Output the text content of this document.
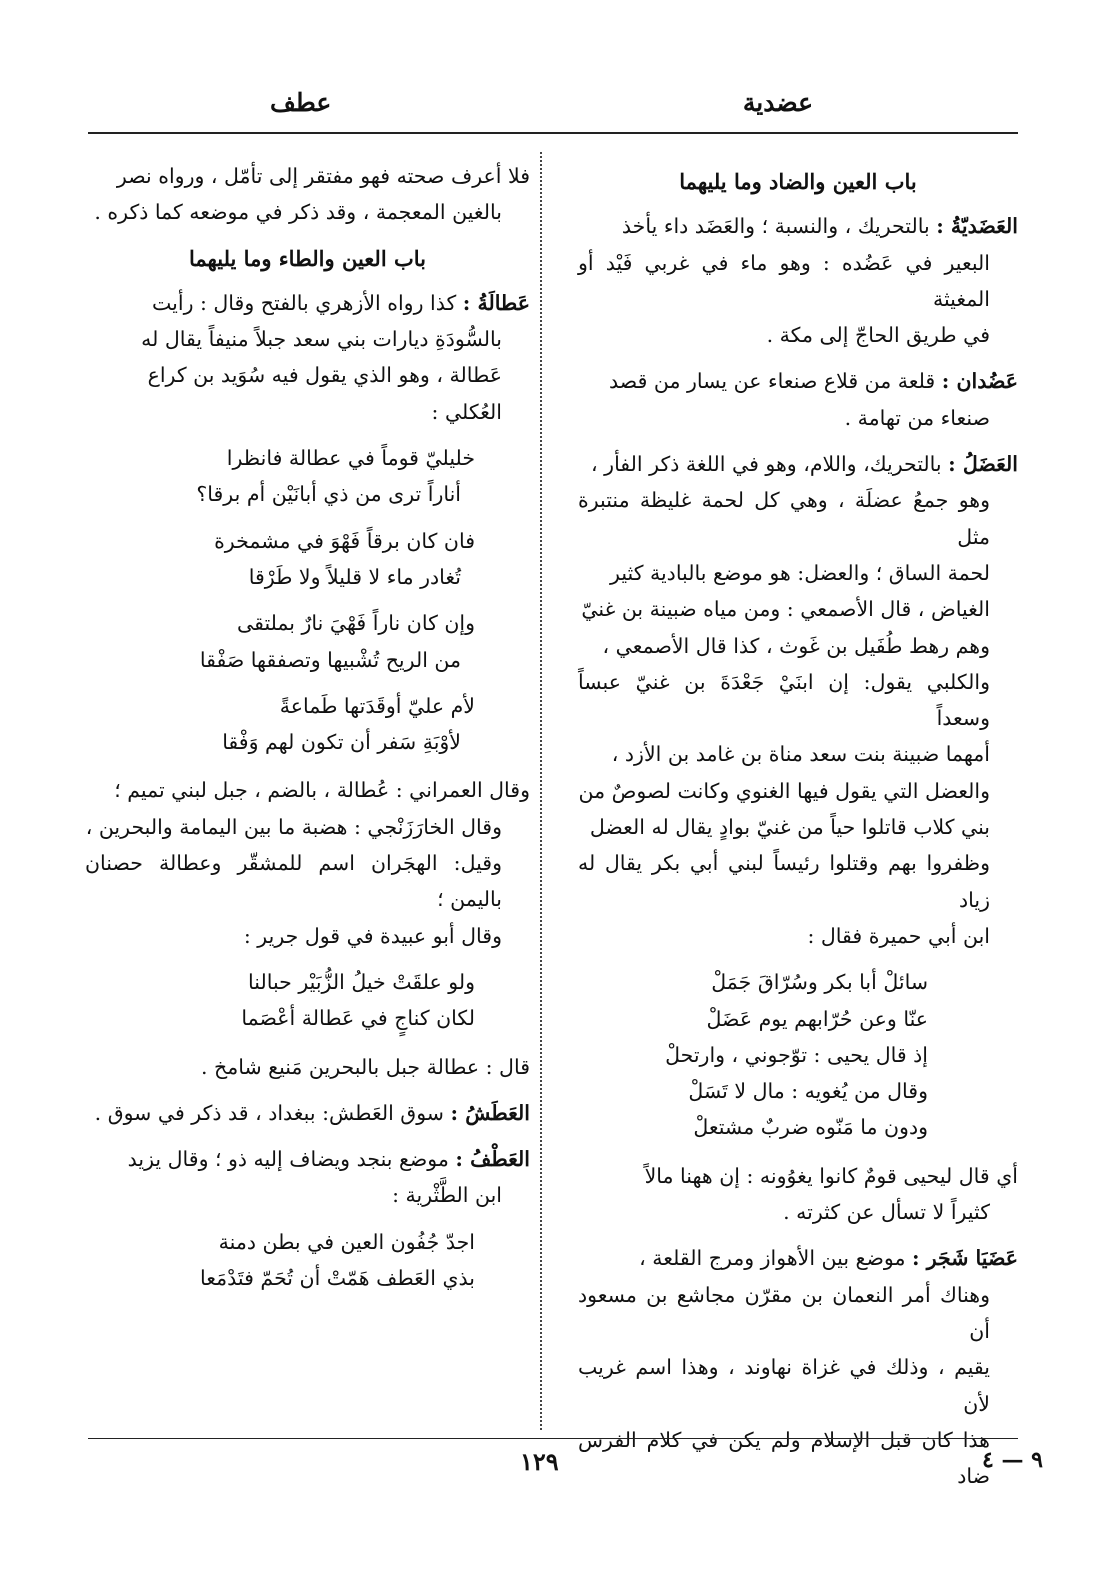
عضدية
عطف
باب العين والضاد وما يليهما
العَضَديّةُ : بالتحريك ، والنسبة ؛ والعَضَد داء يأخذ
البعير في عَضُده : وهو ماء في غربي فَيْد أو المغيثة
في طريق الحاجّ إلى مكة .
عَضُدان : قلعة من قلاع صنعاء عن يسار من قصد
صنعاء من تهامة .
العَضَلُ : بالتحريك، واللام، وهو في اللغة ذكر الفأر ،
وهو جمعُ عضلَة ، وهي كل لحمة غليظة منتبرة مثل
لحمة الساق ؛ والعضل: هو موضع بالبادية كثير
الغياض ، قال الأصمعي : ومن مياه ضبينة بن غنيّ
وهم رهط طُفَيل بن غَوث ، كذا قال الأصمعي ،
والكلبي يقول: إن ابنَيْ جَعْدَةَ بن غنيّ عبساً وسعداً
أمهما ضبينة بنت سعد مناة بن غامد بن الأزد ،
والعضل التي يقول فيها الغنوي وكانت لصوصٌ من
بني كلاب قاتلوا حياً من غنيّ بوادٍ يقال له العضل
وظفروا بهم وقتلوا رئيساً لبني أبي بكر يقال له زياد
ابن أبي حميرة فقال :
سائلْ أبا بكر وسُرّاقَ جَمَلْ
عنّا وعن حُرّابهم يوم عَضَلْ
إذ قال يحيى : توّجوني ، وارتحلْ
وقال من يُغويه : مال لا تَسَلْ
ودون ما مَنّوه ضربٌ مشتعلْ
أي قال ليحيى قومٌ كانوا يغوُونه : إن ههنا مالاً
كثيراً لا تسأل عن كثرته .
عَضَيَا شَجَر : موضع بين الأهواز ومرج القلعة ،
وهناك أمر النعمان بن مقرّن مجاشع بن مسعود أن
يقيم ، وذلك في غزاة نهاوند ، وهذا اسم غريب لأن
هذا كان قبل الإسلام ولم يكن في كلام الفرس ضاد
فلا أعرف صحته فهو مفتقر إلى تأمّل ، ورواه نصر
بالغين المعجمة ، وقد ذكر في موضعه كما ذكره .
باب العين والطاء وما يليهما
عَطالَةُ : كذا رواه الأزهري بالفتح وقال : رأيت
بالسُّودَةِ ديارات بني سعد جبلاً منيفاً يقال له
عَطالة ، وهو الذي يقول فيه سُوَيد بن كراع
العُكلي :
خليليّ قوماً في عطالة فانظرا
أناراً ترى من ذي أبانَيْن أم برقا؟
فان كان برقاً فَهْوَ في مشمخرة
تُغادر ماء لا قليلاً ولا طَرْقا
وإن كان ناراً فَهْيَ نارٌ بملتقى
من الريح تُشْبيها وتصفقها صَفْقا
لأم عليّ أوقَدَتها طَماعةً
لأوْبَةِ سَفر أن تكون لهم وَفْقا
وقال العمراني : عُطالة ، بالضم ، جبل لبني تميم ؛
وقال الخارَزَنْجي : هضبة ما بين اليمامة والبحرين ،
وقيل: الهجَران اسم للمشقّر وعطالة حصنان باليمن ؛
وقال أبو عبيدة في قول جرير :
ولو علقَتْ خيلُ الزُّبَيْر حبالنا
لكان كناجٍ في عَطالة أعْصَما
قال : عطالة جبل بالبحرين مَنيع شامخ .
العَطَشُ : سوق العَطش: ببغداد ، قد ذكر في سوق .
العَطْفُ : موضع بنجد ويضاف إليه ذو ؛ وقال يزيد
ابن الطَّثْرية :
اجدّ جُفُون العين في بطن دمنة
بذي العَطف هَمّتْ أن تُحَمّ فتَدْمَعا
١٢٩	٩ — ٤
